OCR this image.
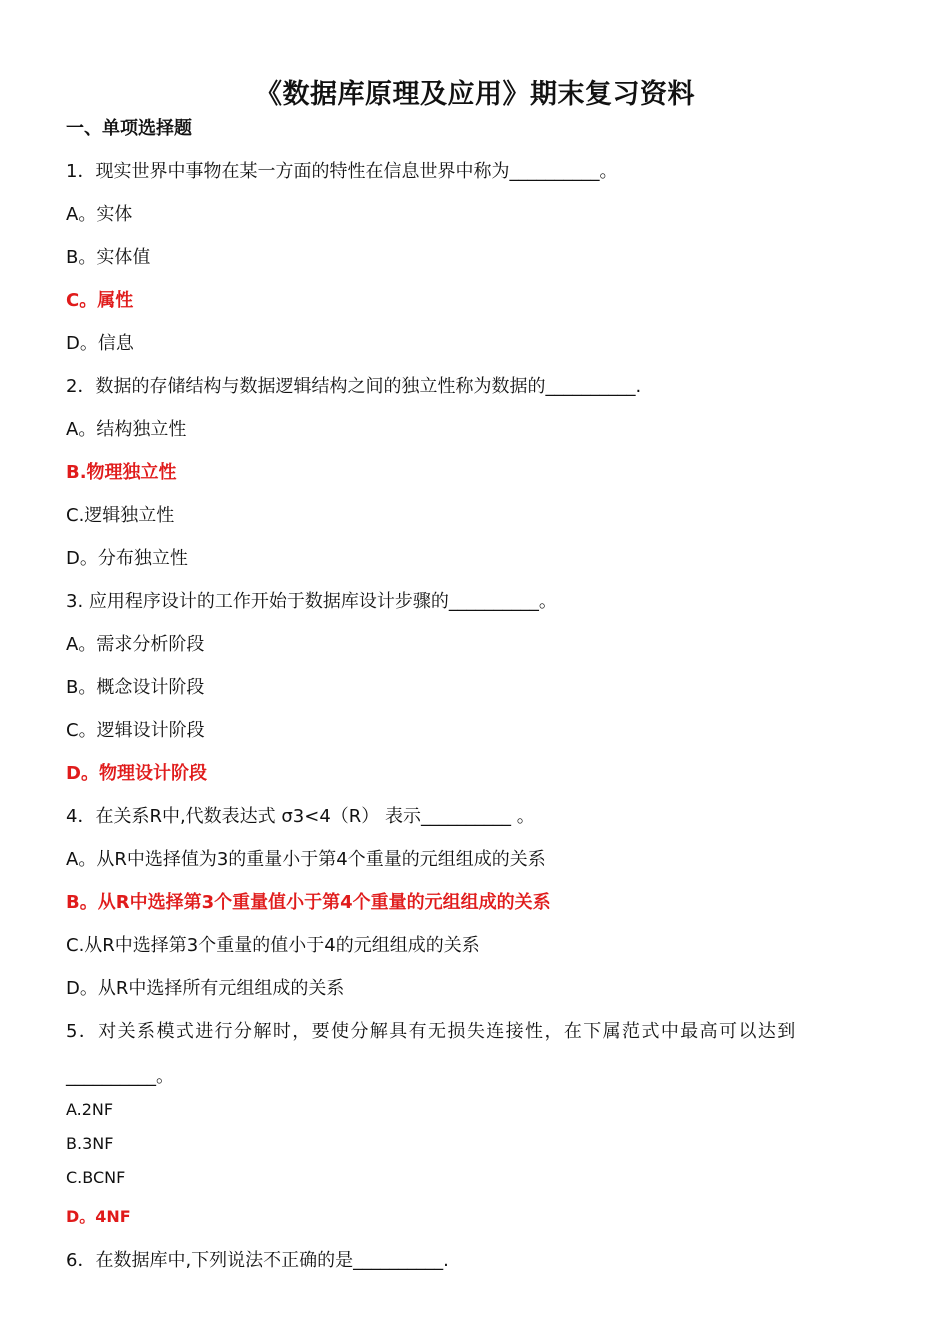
《数据库原理及应用》期末复习资料
一、单项选择题
1．现实世界中事物在某一方面的特性在信息世界中称为__________。
A。实体
B。实体值
C。属性
D。信息
2．数据的存储结构与数据逻辑结构之间的独立性称为数据的__________.
A。结构独立性
B.物理独立性
C.逻辑独立性
D。分布独立性
3. 应用程序设计的工作开始于数据库设计步骤的__________。
A。需求分析阶段
B。概念设计阶段
C。逻辑设计阶段
D。物理设计阶段
4．在关系R中,代数表达式 σ3<4（R） 表示__________ 。
A。从R中选择值为3的重量小于第4个重量的元组组成的关系
B。从R中选择第3个重量值小于第4个重量的元组组成的关系
C.从R中选择第3个重量的值小于4的元组组成的关系
D。从R中选择所有元组组成的关系
5．对关系模式进行分解时，要使分解具有无损失连接性，在下属范式中最高可以达到
__________。
A.2NF
B.3NF
C.BCNF
D。4NF
6．在数据库中,下列说法不正确的是__________.
